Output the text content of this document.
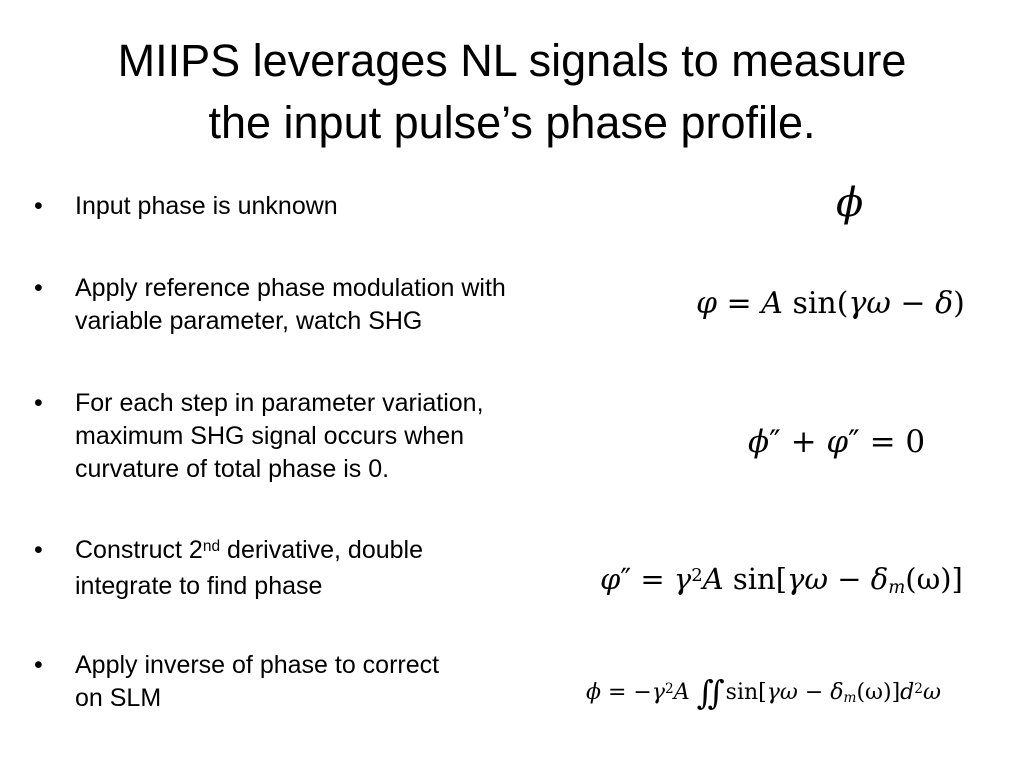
MIIPS leverages NL signals to measure
the input pulse’s phase profile.
•	Input phase is unknown
•	Apply reference phase modulation with
variable parameter, watch SHG
•	For each step in parameter variation,
maximum SHG signal occurs when
curvature of total phase is 0.
•	Construct 2nd derivative, double
integrate to find phase
•	Apply inverse of phase to correct
on SLM
ϕ
φ = A sin(γω − δ)
ϕ″ + φ″ = 0
$\varphi'' = \gamma^2A$ $\sin[\gamma\omega - \delta_m(\omega)]$
$\phi = -\gamma^2A$ ∬ $\sin[\gamma\omega - \delta_m(\omega)]d^2\omega$
